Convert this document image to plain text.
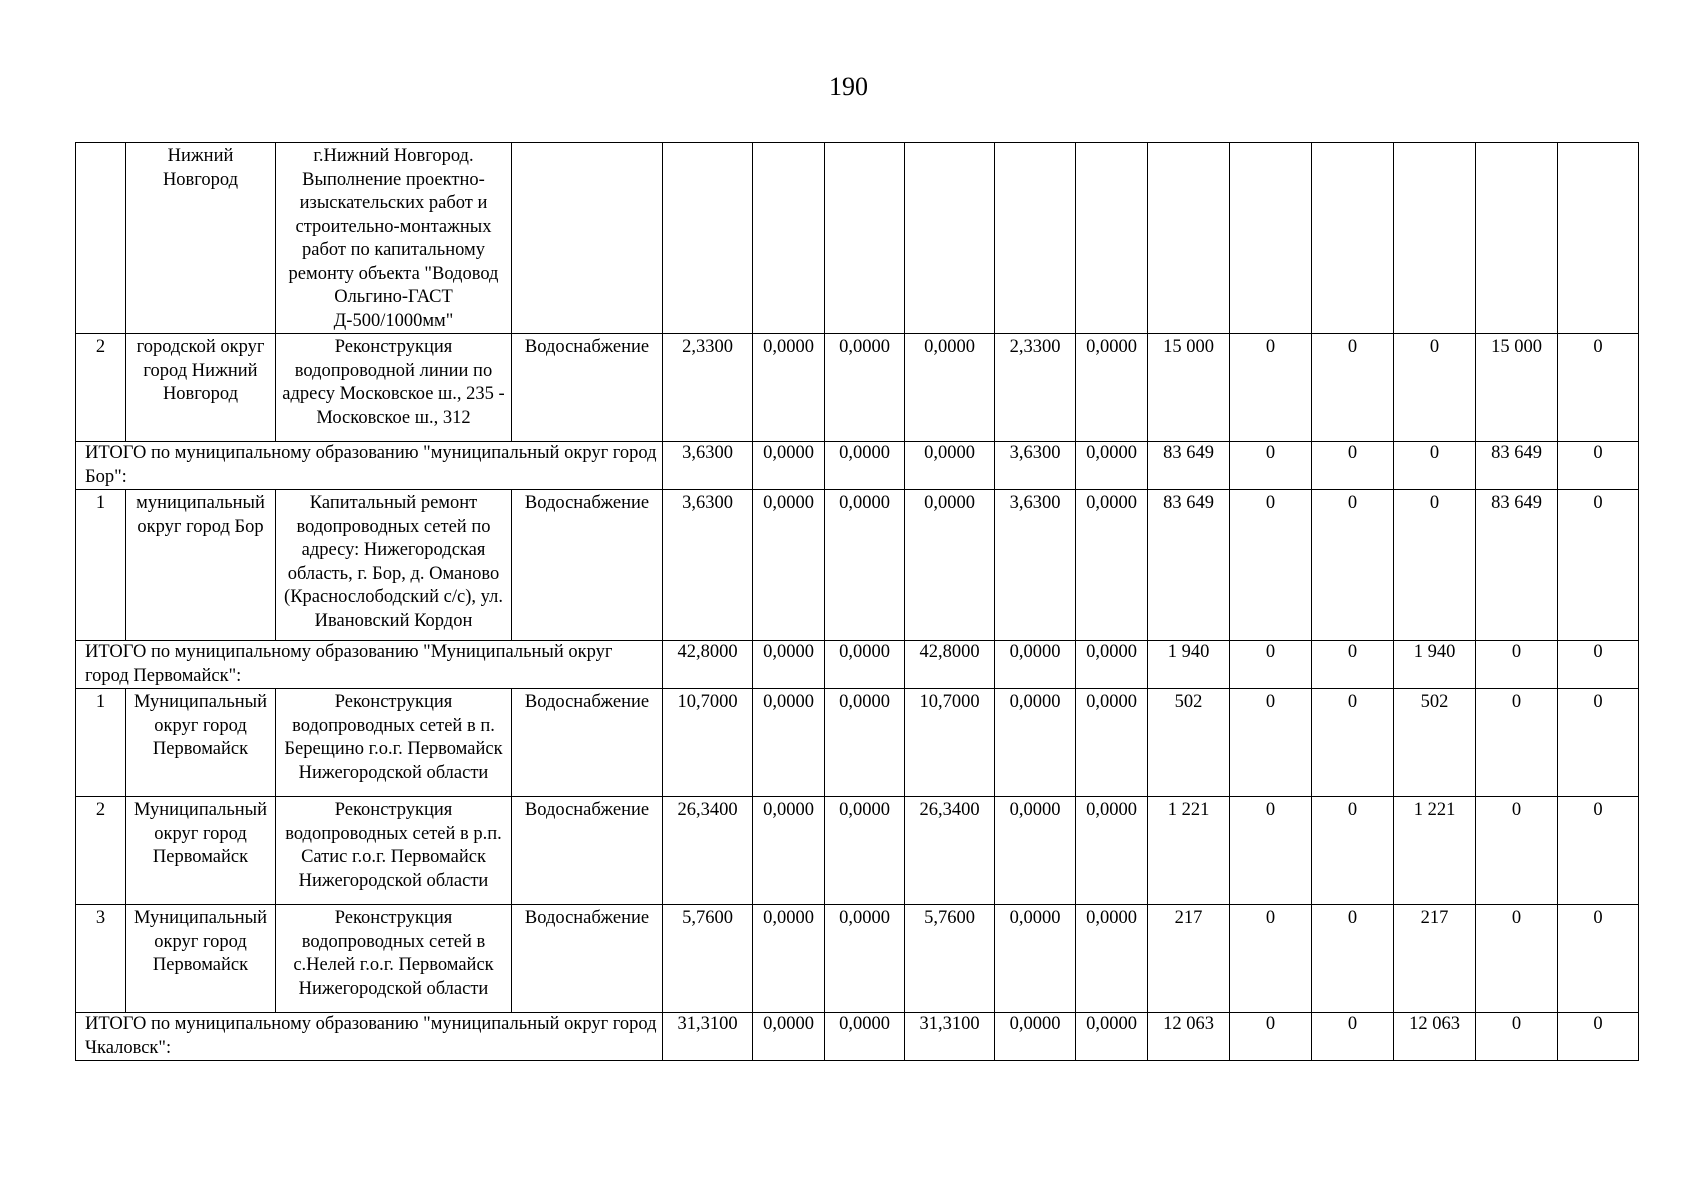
190
	Нижний Новгород	г.Нижний Новгород. Выполнение проектно-изыскательских работ и строительно-монтажных работ по капитальному ремонту объекта "Водовод Ольгино-ГАСТ Д-500/1000мм"													
2	городской округ город Нижний Новгород	Реконструкция водопроводной линии по адресу Московское ш., 235 - Московское ш., 312	Водоснабжение	2,3300	0,0000	0,0000	0,0000	2,3300	0,0000	15 000	0	0	0	15 000	0
ИТОГО по муниципальному образованию "муниципальный округ город Бор":				3,6300	0,0000	0,0000	0,0000	3,6300	0,0000	83 649	0	0	0	83 649	0
1	муниципальный округ город Бор	Капитальный ремонт водопроводных сетей по адресу: Нижегородская область, г. Бор, д. Оманово (Краснослободский с/с), ул. Ивановский Кордон	Водоснабжение	3,6300	0,0000	0,0000	0,0000	3,6300	0,0000	83 649	0	0	0	83 649	0
ИТОГО по муниципальному образованию "Муниципальный округ город Первомайск":				42,8000	0,0000	0,0000	42,8000	0,0000	0,0000	1 940	0	0	1 940	0	0
1	Муниципальный округ город Первомайск	Реконструкция водопроводных сетей в п. Берещино г.о.г. Первомайск Нижегородской области	Водоснабжение	10,7000	0,0000	0,0000	10,7000	0,0000	0,0000	502	0	0	502	0	0
2	Муниципальный округ город Первомайск	Реконструкция водопроводных сетей в р.п. Сатис г.о.г. Первомайск Нижегородской области	Водоснабжение	26,3400	0,0000	0,0000	26,3400	0,0000	0,0000	1 221	0	0	1 221	0	0
3	Муниципальный округ город Первомайск	Реконструкция водопроводных сетей в с.Нелей г.о.г. Первомайск Нижегородской области	Водоснабжение	5,7600	0,0000	0,0000	5,7600	0,0000	0,0000	217	0	0	217	0	0
ИТОГО по муниципальному образованию "муниципальный округ город Чкаловск":				31,3100	0,0000	0,0000	31,3100	0,0000	0,0000	12 063	0	0	12 063	0	0
